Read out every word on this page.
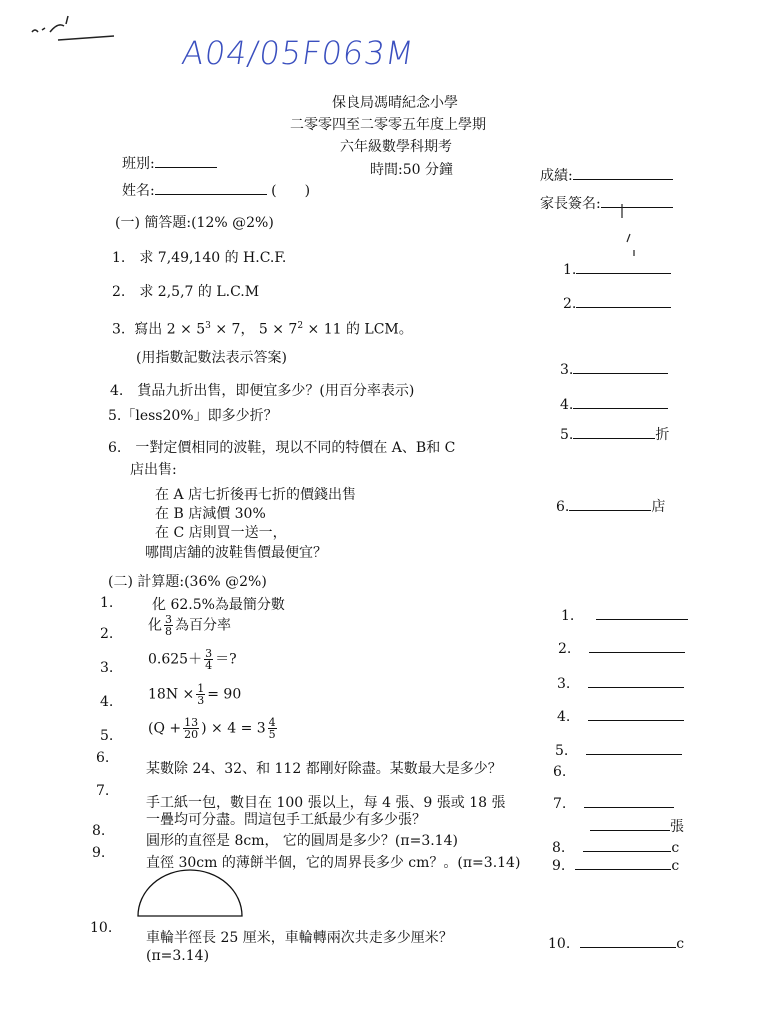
A04/05F063M
保良局馮晴紀念小學
二零零四至二零零五年度上學期
六年級數學科期考
時間:50 分鐘
班別:
姓名:	(　　)
成績:
家長簽名:
(一) 簡答題:(12% @2%)
1.　求 7,49,140 的 H.C.F.
2.　求 2,5,7 的 L.C.M
3. 寫出 $2 \times 5^3 \times 7$， $5 \times 7^2 \times 11$ 的 LCM。
(用指數記數法表示答案)
4.　貨品九折出售，即便宜多少？(用百分率表示)
5.「less20%」即多少折？
6.　一對定價相同的波鞋，現以不同的特價在 A、B和 C
店出售:
在 A 店七折後再七折的價錢出售
在 B 店減價 30%
在 C 店則買一送一，
哪間店舖的波鞋售價最便宜？
1.
2.
3.
4.
5.	折
6.	店
(二) 計算題:(36% @2%)
1.	化 62.5%為最簡分數
2.
化 $\frac{3}{8}$ 為百分率
3.
$0.625+ \frac{3}{4}$ ＝?
4. $18N \times \frac{1}{3} = 90$
5. ($Q + \frac{13}{20}$ ) × $4 = 3 \frac{4}{5}$
6.
某數除 24、32、和 112 都剛好除盡。某數最大是多少？
7.
手工紙一包，數目在 100 張以上，每 4 張、9 張或 18 張
一疊均可分盡。問這包手工紙最少有多少張？
8.
圓形的直徑是 8cm， 它的圓周是多少？(π=3.14)
9.
直徑 30cm 的薄餅半個，它的周界長多少 cm？。(π=3.14)
10.
車輪半徑長 25 厘米，車輪轉兩次共走多少厘米？
(π=3.14)
1.
2.
3.
4.
5.
6.
7.
張
8.	c
9.	c
10.	c
